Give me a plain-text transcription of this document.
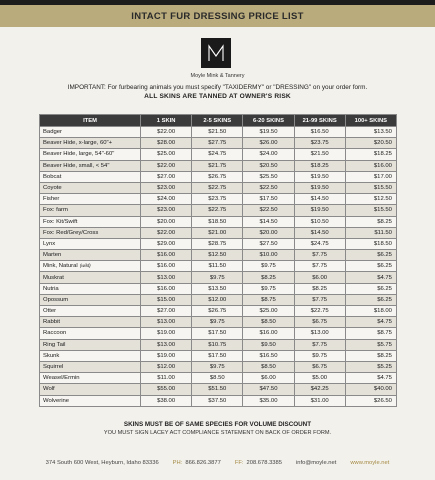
INTACT FUR DRESSING PRICE LIST
Moyle Mink & Tannery
IMPORTANT: For furbearing animals you must specify "TAXIDERMY" or "DRESSING" on your order form.
ALL SKINS ARE TANNED AT OWNER'S RISK
ITEM	1 SKIN	2-5 SKINS	6-20 SKINS	21-99 SKINS	100+ SKINS
Badger	$22.00	$21.50	$19.50	$16.50	$13.50
Beaver Hide, x-large, 60"+	$28.00	$27.75	$26.00	$23.75	$20.50
Beaver Hide, large, 54"-60"	$25.00	$24.75	$24.00	$21.50	$18.25
Beaver Hide, small, < 54"	$22.00	$21.75	$20.50	$18.25	$16.00
Bobcat	$27.00	$26.75	$25.50	$19.50	$17.00
Coyote	$23.00	$22.75	$22.50	$19.50	$15.50
Fisher	$24.00	$23.75	$17.50	$14.50	$12.50
Fox: farm	$23.00	$22.75	$22.50	$19.50	$15.50
Fox: Kit/Swift	$20.00	$18.50	$14.50	$10.50	$8.25
Fox: Red/Grey/Cross	$22.00	$21.00	$20.00	$14.50	$11.50
Lynx	$29.00	$28.75	$27.50	$24.75	$18.50
Marten	$16.00	$12.50	$10.00	$7.75	$6.25
Mink, Natural (wild)	$16.00	$11.50	$9.75	$7.75	$6.25
Muskrat	$13.00	$9.75	$8.25	$6.00	$4.75
Nutria	$16.00	$13.50	$9.75	$8.25	$6.25
Opossum	$15.00	$12.00	$8.75	$7.75	$6.25
Otter	$27.00	$26.75	$25.00	$22.75	$18.00
Rabbit	$13.00	$9.75	$8.50	$6.75	$4.75
Raccoon	$19.00	$17.50	$16.00	$13.00	$8.75
Ring Tail	$13.00	$10.75	$9.50	$7.75	$5.75
Skunk	$19.00	$17.50	$16.50	$9.75	$8.25
Squirrel	$12.00	$9.75	$8.50	$6.75	$5.25
Weasel/Ermin	$11.00	$8.50	$6.00	$5.00	$4.75
Wolf	$55.00	$51.50	$47.50	$42.25	$40.00
Wolverine	$38.00	$37.50	$35.00	$31.00	$26.50
SKINS MUST BE OF SAME SPECIES FOR VOLUME DISCOUNT
YOU MUST SIGN LACEY ACT COMPLIANCE STATEMENT ON BACK OF ORDER FORM.
374 South 600 West, Heyburn, Idaho 83336 PH: 866.826.3877 FF: 208.678.3385 info@moyle.net www.moyle.net
